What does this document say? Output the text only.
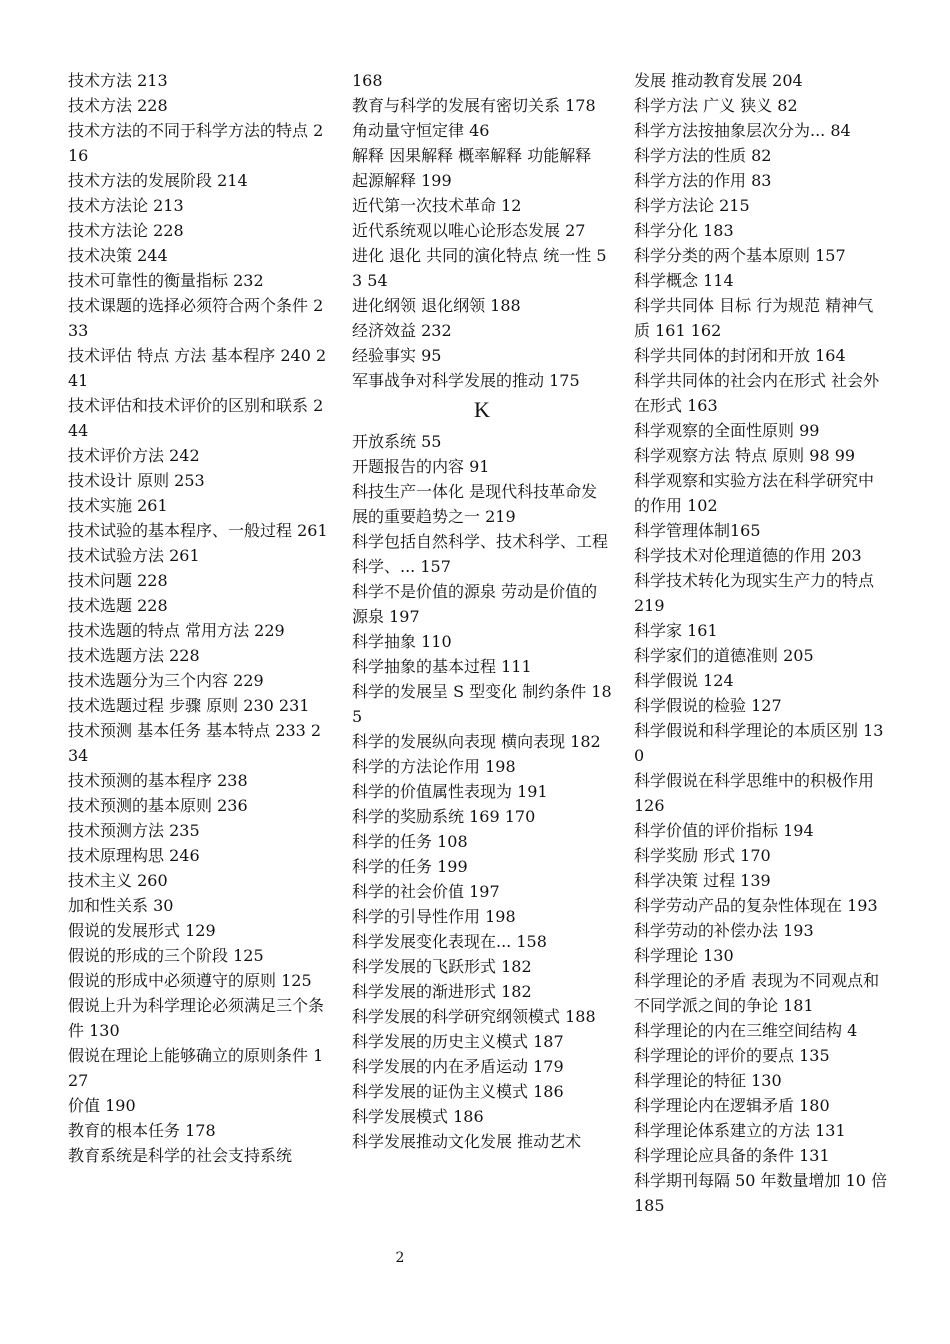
技术方法 213

技术方法 228

技术方法的不同于科学方法的特点 216

技术方法的发展阶段 214

技术方法论 213

技术方法论 228

技术决策 244

技术可靠性的衡量指标 232

技术课题的选择必须符合两个条件 233

技术评估 特点 方法 基本程序 240 241

技术评估和技术评价的区别和联系 244

技术评价方法 242

技术设计 原则 253

技术实施 261

技术试验的基本程序、一般过程 261

技术试验方法 261

技术问题 228

技术选题 228

技术选题的特点 常用方法 229

技术选题方法 228

技术选题分为三个内容 229

技术选题过程 步骤 原则 230 231

技术预测 基本任务 基本特点 233 234

技术预测的基本程序 238

技术预测的基本原则 236

技术预测方法 235

技术原理构思 246

技术主义 260

加和性关系 30

假说的发展形式 129

假说的形成的三个阶段 125

假说的形成中必须遵守的原则 125

假说上升为科学理论必须满足三个条件 130

假说在理论上能够确立的原则条件 127

价值 190

教育的根本任务 178

教育系统是科学的社会支持系统

168

教育与科学的发展有密切关系 178

角动量守恒定律 46

解释 因果解释 概率解释 功能解释 起源解释 199

近代第一次技术革命 12

近代系统观以唯心论形态发展 27

进化 退化 共同的演化特点 统一性 53 54

进化纲领 退化纲领 188

经济效益 232

经验事实 95

军事战争对科学发展的推动 175

K

开放系统 55

开题报告的内容 91

科技生产一体化 是现代科技革命发展的重要趋势之一 219

科学包括自然科学、技术科学、工程科学、... 157

科学不是价值的源泉 劳动是价值的源泉 197

科学抽象 110

科学抽象的基本过程 111

科学的发展呈 S 型变化 制约条件 185

科学的发展纵向表现 横向表现 182

科学的方法论作用 198

科学的价值属性表现为 191

科学的奖励系统 169 170

科学的任务 108

科学的任务 199

科学的社会价值 197

科学的引导性作用 198

科学发展变化表现在... 158

科学发展的飞跃形式 182

科学发展的渐进形式 182

科学发展的科学研究纲领模式 188

科学发展的历史主义模式 187

科学发展的内在矛盾运动 179

科学发展的证伪主义模式 186

科学发展模式 186

科学发展推动文化发展 推动艺术

发展 推动教育发展 204

科学方法 广义 狭义 82

科学方法按抽象层次分为... 84

科学方法的性质 82

科学方法的作用 83

科学方法论 215

科学分化 183

科学分类的两个基本原则 157

科学概念 114

科学共同体 目标 行为规范 精神气质 161 162

科学共同体的封闭和开放 164

科学共同体的社会内在形式 社会外在形式 163

科学观察的全面性原则 99

科学观察方法 特点 原则 98 99

科学观察和实验方法在科学研究中的作用 102

科学管理体制165

科学技术对伦理道德的作用 203

科学技术转化为现实生产力的特点 219

科学家 161

科学家们的道德准则 205

科学假说 124

科学假说的检验 127

科学假说和科学理论的本质区别 130

科学假说在科学思维中的积极作用 126

科学价值的评价指标 194

科学奖励 形式 170

科学决策 过程 139

科学劳动产品的复杂性体现在 193

科学劳动的补偿办法 193

科学理论 130

科学理论的矛盾 表现为不同观点和不同学派之间的争论 181

科学理论的内在三维空间结构 4

科学理论的评价的要点 135

科学理论的特征 130

科学理论内在逻辑矛盾 180

科学理论体系建立的方法 131

科学理论应具备的条件 131

科学期刊每隔 50 年数量增加 10 倍 185

2
